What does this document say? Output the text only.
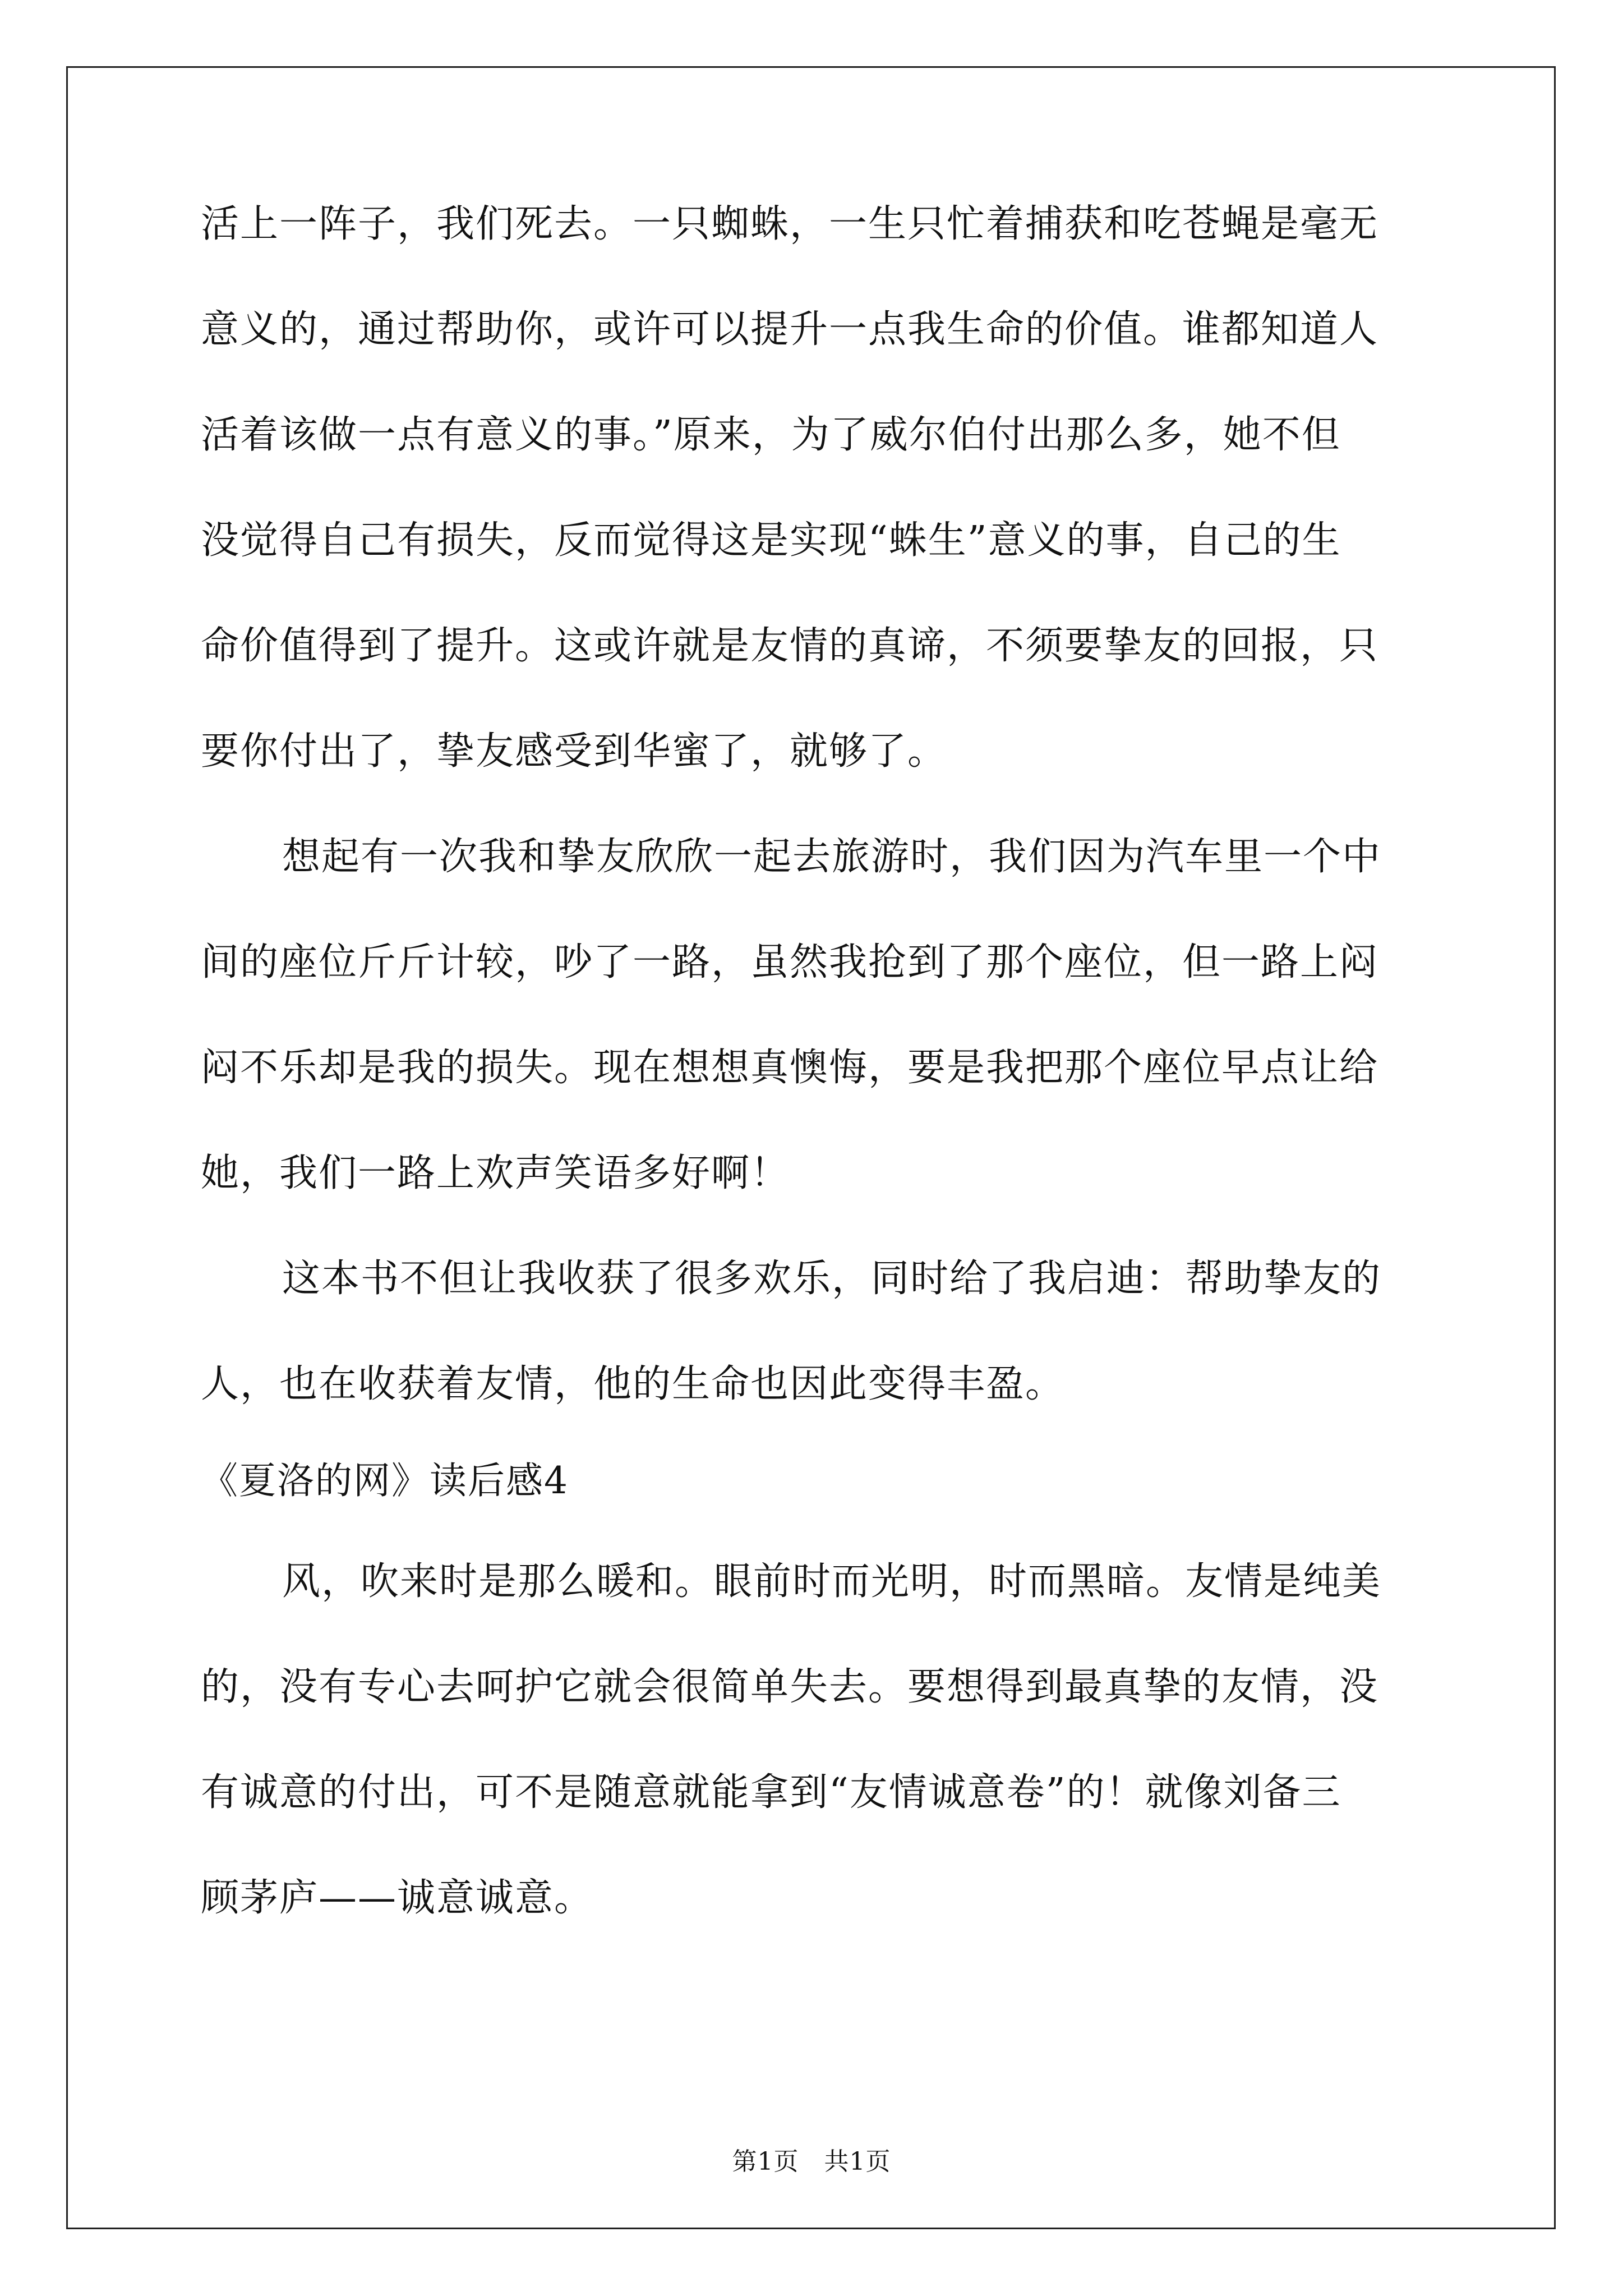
活上一阵子，我们死去。一只蜘蛛，一生只忙着捕获和吃苍蝇是毫无
意义的，通过帮助你，或许可以提升一点我生命的价值。谁都知道人
活着该做一点有意义的事。”原来，为了威尔伯付出那么多，她不但
没觉得自己有损失，反而觉得这是实现“蛛生”意义的事，自己的生
命价值得到了提升。这或许就是友情的真谛，不须要挚友的回报，只
要你付出了，挚友感受到华蜜了，就够了。
想起有一次我和挚友欣欣一起去旅游时，我们因为汽车里一个中
间的座位斤斤计较，吵了一路，虽然我抢到了那个座位，但一路上闷
闷不乐却是我的损失。现在想想真懊悔，要是我把那个座位早点让给
她，我们一路上欢声笑语多好啊！
这本书不但让我收获了很多欢乐，同时给了我启迪：帮助挚友的
人，也在收获着友情，他的生命也因此变得丰盈。
《夏洛的网》读后感4
风，吹来时是那么暖和。眼前时而光明，时而黑暗。友情是纯美
的，没有专心去呵护它就会很简单失去。要想得到最真挚的友情，没
有诚意的付出，可不是随意就能拿到“友情诚意卷”的！就像刘备三
顾茅庐——诚意诚意。
第1页　共1页
